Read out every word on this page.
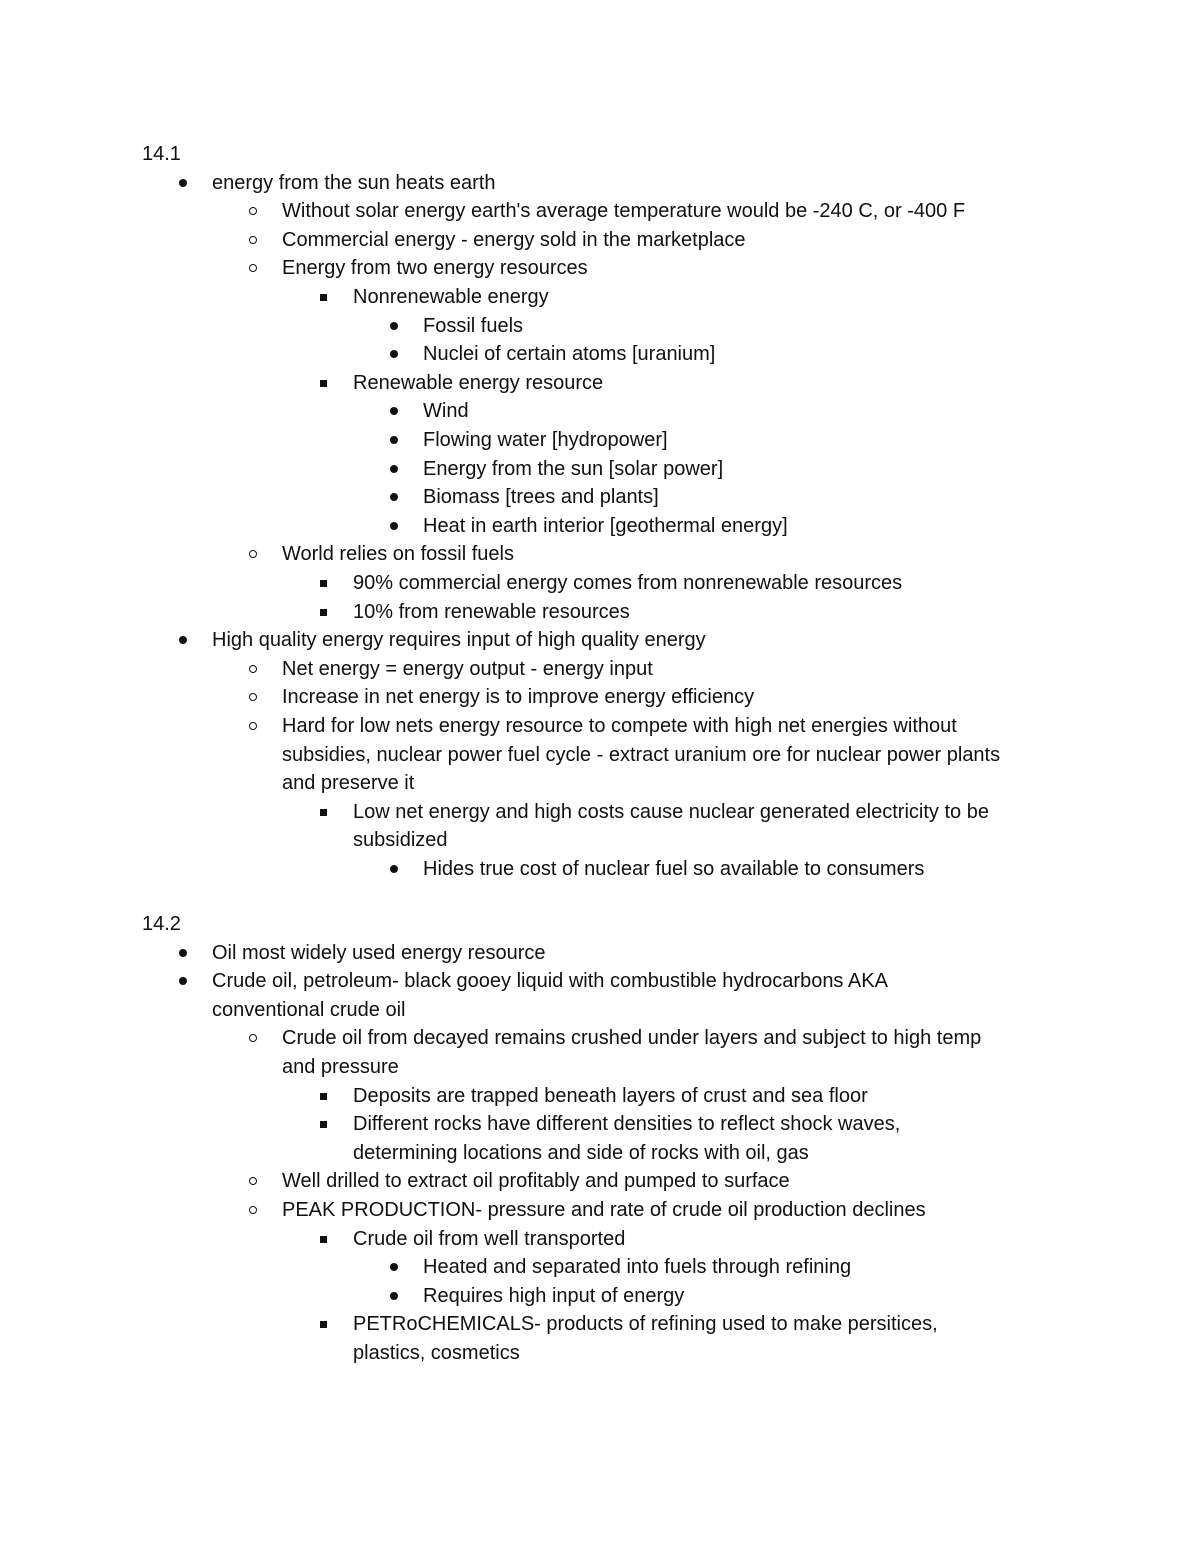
14.1
energy from the sun heats earth
Without solar energy earth's average temperature would be -240 C, or -400 F
Commercial energy - energy sold in the marketplace
Energy from two energy resources
Nonrenewable energy
Fossil fuels
Nuclei of certain atoms [uranium]
Renewable energy resource
Wind
Flowing water [hydropower]
Energy from the sun [solar power]
Biomass [trees and plants]
Heat in earth interior [geothermal energy]
World relies on fossil fuels
90% commercial energy comes from nonrenewable resources
10% from renewable resources
High quality energy requires input of high quality energy
Net energy = energy output - energy input
Increase in net energy is to improve energy efficiency
Hard for low nets energy resource to compete with high net energies without
subsidies, nuclear power fuel cycle - extract uranium ore for nuclear power plants
and preserve it
Low net energy and high costs cause nuclear generated electricity to be
subsidized
Hides true cost of nuclear fuel so available to consumers
14.2
Oil most widely used energy resource
Crude oil, petroleum- black gooey liquid with combustible hydrocarbons AKA
conventional crude oil
Crude oil from decayed remains crushed under layers and subject to high temp
and pressure
Deposits are trapped beneath layers of crust and sea floor
Different rocks have different densities to reflect shock waves,
determining locations and side of rocks with oil, gas
Well drilled to extract oil profitably and pumped to surface
PEAK PRODUCTION- pressure and rate of crude oil production declines
Crude oil from well transported
Heated and separated into fuels through refining
Requires high input of energy
PETRoCHEMICALS- products of refining used to make persitices,
plastics, cosmetics
